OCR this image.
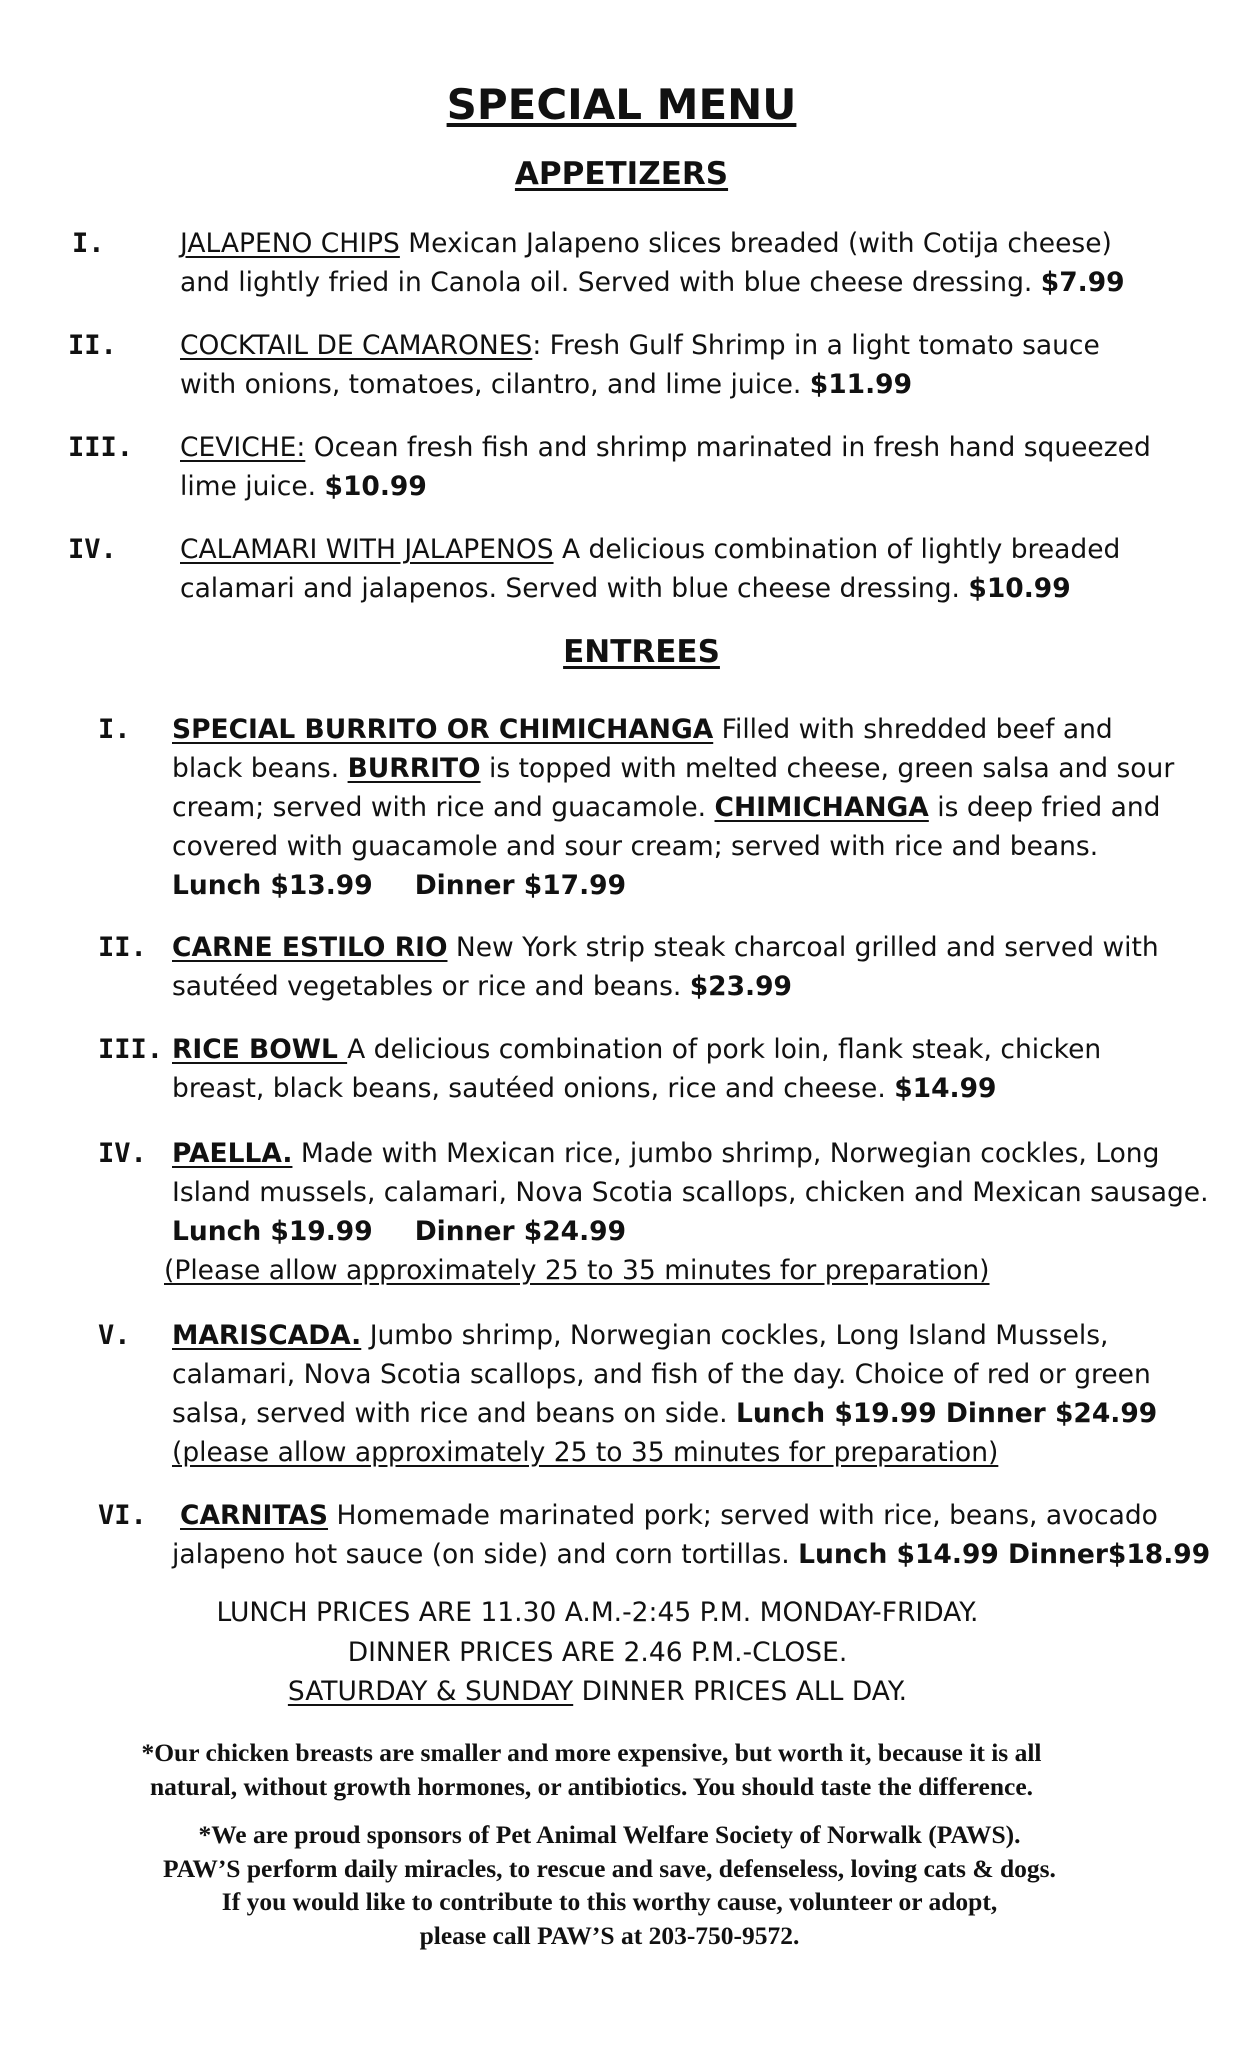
SPECIAL MENU
APPETIZERS
I.	JALAPENO CHIPS Mexican Jalapeno slices breaded (with Cotija cheese)
and lightly fried in Canola oil. Served with blue cheese dressing. $7.99
II. COCKTAIL DE CAMARONES: Fresh Gulf Shrimp in a light tomato sauce
with onions, tomatoes, cilantro, and lime juice. $11.99
III. CEVICHE: Ocean fresh fish and shrimp marinated in fresh hand squeezed
lime juice. $10.99
IV. CALAMARI WITH JALAPENOS A delicious combination of lightly breaded
calamari and jalapenos. Served with blue cheese dressing. $10.99
ENTREES
I. SPECIAL BURRITO OR CHIMICHANGA Filled with shredded beef and
black beans. BURRITO is topped with melted cheese, green salsa and sour
cream; served with rice and guacamole. CHIMICHANGA is deep fried and
covered with guacamole and sour cream; served with rice and beans.
Lunch $13.99 Dinner $17.99
II. CARNE ESTILO RIO New York strip steak charcoal grilled and served with
sautéed vegetables or rice and beans. $23.99
III. RICE BOWL A delicious combination of pork loin, flank steak, chicken
breast, black beans, sautéed onions, rice and cheese. $14.99
IV. PAELLA. Made with Mexican rice, jumbo shrimp, Norwegian cockles, Long
Island mussels, calamari, Nova Scotia scallops, chicken and Mexican sausage.
Lunch $19.99 Dinner $24.99
(Please allow approximately 25 to 35 minutes for preparation)
V. MARISCADA. Jumbo shrimp, Norwegian cockles, Long Island Mussels,
calamari, Nova Scotia scallops, and fish of the day. Choice of red or green
salsa, served with rice and beans on side. Lunch $19.99 Dinner $24.99
(please allow approximately 25 to 35 minutes for preparation)
VI.	CARNITAS Homemade marinated pork; served with rice, beans, avocado
jalapeno hot sauce (on side) and corn tortillas. Lunch $14.99 Dinner$18.99
LUNCH PRICES ARE 11.30 A.M.-2:45 P.M. MONDAY-FRIDAY.
DINNER PRICES ARE 2.46 P.M.-CLOSE.
SATURDAY & SUNDAY DINNER PRICES ALL DAY.
*Our chicken breasts are smaller and more expensive, but worth it, because it is all
natural, without growth hormones, or antibiotics. You should taste the difference.
*We are proud sponsors of Pet Animal Welfare Society of Norwalk (PAWS).
PAW’S perform daily miracles, to rescue and save, defenseless, loving cats & dogs.
If you would like to contribute to this worthy cause, volunteer or adopt,
please call PAW’S at 203-750-9572.
